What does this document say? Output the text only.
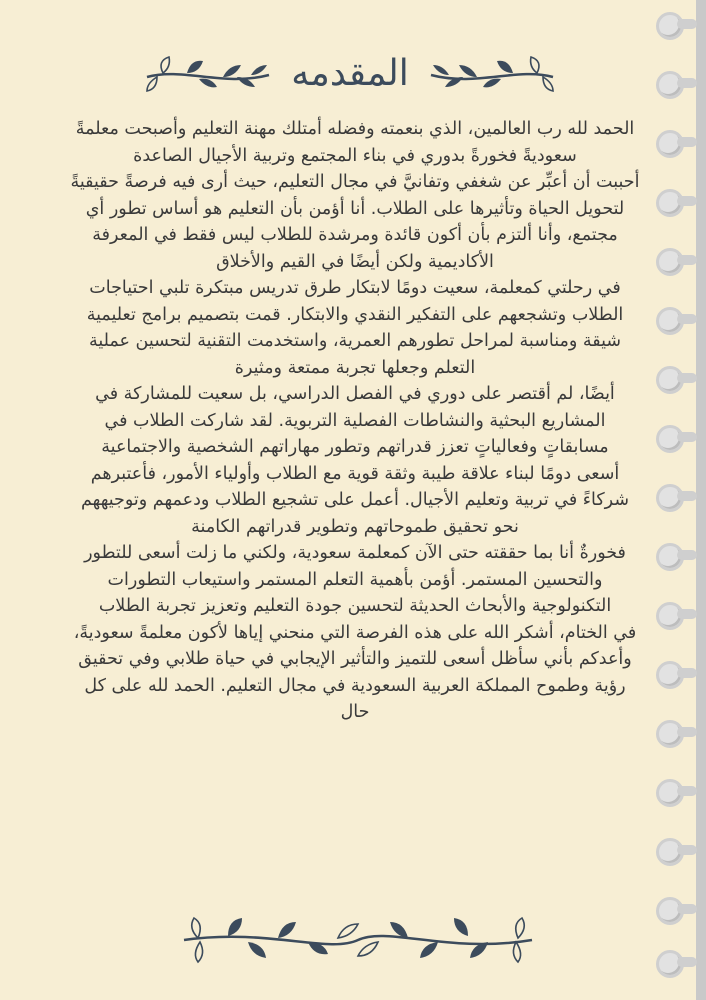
المقدمه

الحمد لله رب العالمين، الذي بنعمته وفضله أمتلك مهنة التعليم وأصبحت معلمةً سعوديةً فخورةً بدوري في بناء المجتمع وتربية الأجيال الصاعدة

أحببت أن أعبِّر عن شغفي وتفانيَّ في مجال التعليم، حيث أرى فيه فرصةً حقيقيةً لتحويل الحياة وتأثيرها على الطلاب. أنا أؤمن بأن التعليم هو أساس تطور أي مجتمع، وأنا ألتزم بأن أكون قائدة ومرشدة للطلاب ليس فقط في المعرفة الأكاديمية ولكن أيضًا في القيم والأخلاق

في رحلتي كمعلمة، سعيت دومًا لابتكار طرق تدريس مبتكرة تلبي احتياجات الطلاب وتشجعهم على التفكير النقدي والابتكار. قمت بتصميم برامج تعليمية شيقة ومناسبة لمراحل تطورهم العمرية، واستخدمت التقنية لتحسين عملية التعلم وجعلها تجربة ممتعة ومثيرة

أيضًا، لم أقتصر على دوري في الفصل الدراسي، بل سعيت للمشاركة في المشاريع البحثية والنشاطات الفصلية التربوية. لقد شاركت الطلاب في مسابقاتٍ وفعالياتٍ تعزز قدراتهم وتطور مهاراتهم الشخصية والاجتماعية

أسعى دومًا لبناء علاقة طيبة وثقة قوية مع الطلاب وأولياء الأمور، فأعتبرهم شركاءً في تربية وتعليم الأجيال. أعمل على تشجيع الطلاب ودعمهم وتوجيههم نحو تحقيق طموحاتهم وتطوير قدراتهم الكامنة

فخورةٌ أنا بما حققته حتى الآن كمعلمة سعودية، ولكني ما زلت أسعى للتطور والتحسين المستمر. أؤمن بأهمية التعلم المستمر واستيعاب التطورات التكنولوجية والأبحاث الحديثة لتحسين جودة التعليم وتعزيز تجربة الطلاب

في الختام، أشكر الله على هذه الفرصة التي منحني إياها لأكون معلمةً سعوديةً، وأعدكم بأني سأظل أسعى للتميز والتأثير الإيجابي في حياة طلابي وفي تحقيق رؤية وطموح المملكة العربية السعودية في مجال التعليم. الحمد لله على كل حال
